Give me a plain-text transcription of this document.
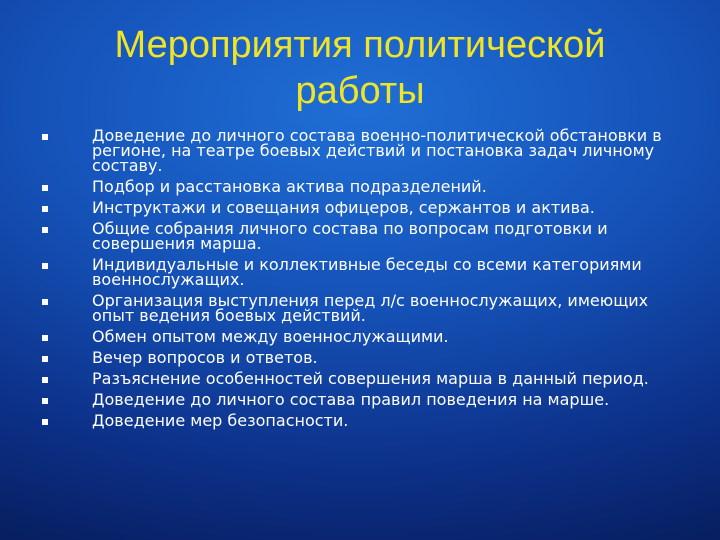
Мероприятия политической
работы
Доведение до личного состава военно-политической обстановки в регионе, на театре боевых действий и постановка задач личному составу.
Подбор и расстановка актива подразделений.
Инструктажи и совещания офицеров, сержантов и актива.
Общие собрания личного состава по вопросам подготовки и совершения марша.
Индивидуальные и коллективные беседы со всеми категориями военнослужащих.
Организация выступления перед л/с военнослужащих, имеющих опыт ведения боевых действий.
Обмен опытом между военнослужащими.
Вечер вопросов и ответов.
Разъяснение особенностей совершения марша в данный период.
Доведение до личного состава правил поведения на марше.
Доведение мер безопасности.
